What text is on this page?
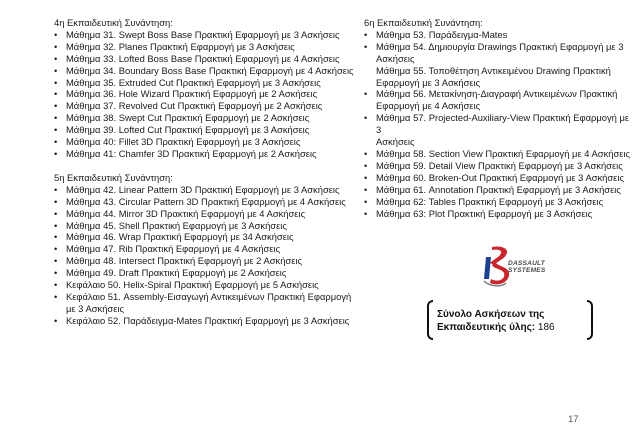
4η Εκπαιδευτική Συνάντηση:
• Μάθημα 31. Swept Boss Base Πρακτική Εφαρμογή με 3 Ασκήσεις
• Μάθημα 32. Planes Πρακτική Εφαρμογή με 3 Ασκήσεις
• Μάθημα 33. Lofted Boss Base Πρακτική Εφαρμογή με 4 Ασκήσεις
• Μάθημα 34. Boundary Boss Base Πρακτική Εφαρμογή με 4 Ασκήσεις
• Μάθημα 35. Extruded Cut Πρακτική Εφαρμογή με 3 Ασκήσεις
• Μάθημα 36. Hole Wizard Πρακτική Εφαρμογή με 2 Ασκήσεις
• Μάθημα 37. Revolved Cut Πρακτική Εφαρμογή με 2 Ασκήσεις
• Μάθημα 38. Swept Cut Πρακτική Εφαρμογή με 2 Ασκήσεις
• Μάθημα 39. Lofted Cut Πρακτική Εφαρμογή με 3 Ασκήσεις
• Μάθημα 40: Fillet 3D Πρακτική Εφαρμογή με 3 Ασκήσεις
• Μάθημα 41: Chamfer 3D Πρακτική Εφαρμογή με 2 Ασκήσεις
5η Εκπαιδευτική Συνάντηση:
• Μάθημα 42. Linear Pattern 3D Πρακτική Εφαρμογή με 3 Ασκήσεις
• Μάθημα 43. Circular Pattern 3D Πρακτική Εφαρμογή με 4 Ασκήσεις
• Μάθημα 44. Mirror 3D Πρακτική Εφαρμογή με 4 Ασκήσεις
• Μάθημα 45. Shell Πρακτική Εφαρμογή με 3 Ασκήσεις
• Μάθημα 46. Wrap Πρακτική Εφαρμογή με 34 Ασκήσεις
• Μάθημα 47. Rib Πρακτική Εφαρμογή με 4 Ασκήσεις
• Μάθημα 48. Intersect Πρακτική Εφαρμογή με 2 Ασκήσεις
• Μάθημα 49. Draft Πρακτική Εφαρμογή με 2 Ασκήσεις
• Κεφάλαιο 50. Helix-Spiral Πρακτική Εφαρμογή με 5 Ασκήσεις
• Κεφάλαιο 51. Assembly-Εισαγωγή Αντικειμένων Πρακτική Εφαρμογή
με 3 Ασκήσεις
• Κεφάλαιο 52. Παράδειγμα-Mates Πρακτική Εφαρμογή με 3 Ασκήσεις
6η Εκπαιδευτική Συνάντηση:
• Μάθημα 53. Παράδειγμα-Mates
• Μάθημα 54. Δημιουργία Drawings Πρακτική Εφαρμογή με 3
Ασκήσεις
Μάθημα 55. Τοποθέτηση Αντικειμένου Drawing Πρακτική
Εφαρμογή με 3 Ασκήσεις
• Μάθημα 56. Μετακίνηση-Διαγραφή Αντικειμένων Πρακτική
Εφαρμογή με 4 Ασκήσεις
• Μάθημα 57. Projected-Auxiliary-View Πρακτική Εφαρμογή με 3
Ασκήσεις
• Μάθημα 58. Section View Πρακτική Εφαρμογή με 4 Ασκήσεις
• Μάθημα 59. Detail View Πρακτική Εφαρμογή με 3 Ασκήσεις
• Μάθημα 60. Broken-Out Πρακτική Εφαρμογή με 3 Ασκήσεις
• Μάθημα 61. Annotation Πρακτική Εφαρμογή με 3 Ασκήσεις
• Μάθημα 62: Tables Πρακτική Εφαρμογή με 3 Ασκήσεις
• Μάθημα 63: Plot Πρακτική Εφαρμογή με 3 Ασκήσεις
DASSAULT
SYSTEMES
Σύνολο Ασκήσεων της
Εκπαιδευτικής ύλης: 186
17
